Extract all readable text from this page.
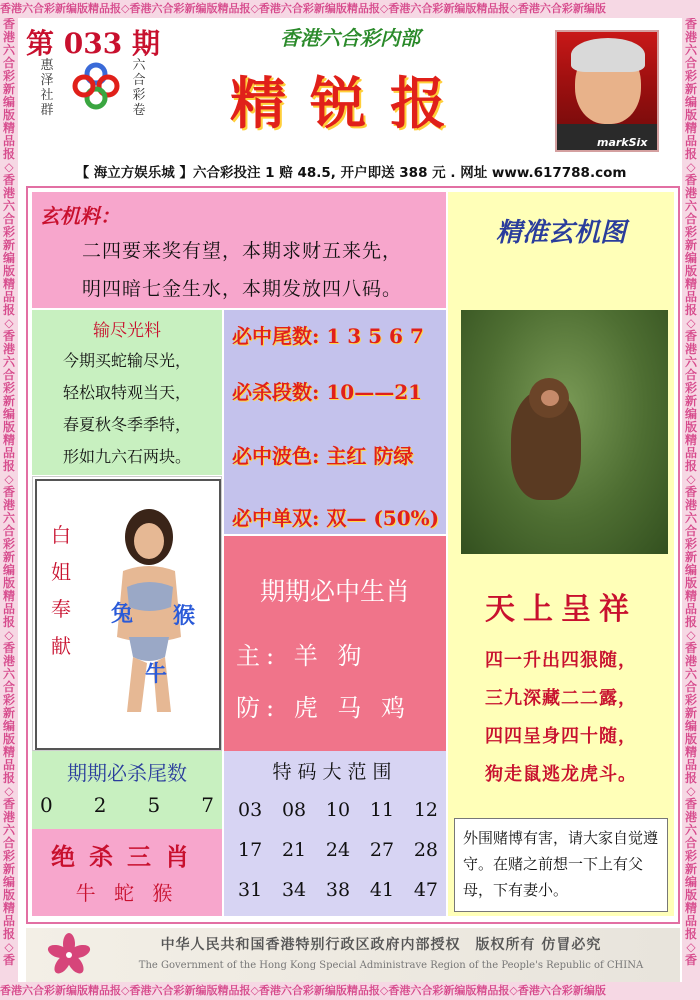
香港六合彩新编版精品报◇香港六合彩新编版精品报◇香港六合彩新编版精品报◇香港六合彩新编版精品报◇香港六合彩新编版
香港六合彩新编版精品报◇香港六合彩新编版精品报◇香港六合彩新编版精品报◇香港六合彩新编版精品报◇香港六合彩新编版
香港六合彩新编版精品报◇香港六合彩新编版精品报◇香港六合彩新编版精品报◇香港六合彩新编版精品报◇香港六合彩新编版精品报◇香港六合彩新编版精品报◇香
香港六合彩新编版精品报◇香港六合彩新编版精品报◇香港六合彩新编版精品报◇香港六合彩新编版精品报◇香港六合彩新编版精品报◇香港六合彩新编版精品报◇香
第 033 期
惠泽社群
六合彩卷
香港六合彩内部
精锐报
markSix
【 海立方娱乐城 】六合彩投注 1 赔 48.5, 开户即送 388 元 . 网址 www.617788.com
玄机料：
二四要来奖有望，本期求财五来先，
明四暗七金生水，本期发放四八码。
输尽光料
今期买蛇输尽光，
轻松取特观当天，
春夏秋冬季季特，
形如九六石两块。
必中尾数: 1 3 5 6 7
必杀段数: 10——21
必中波色: 主红 防绿
必中单双: 双— (50%)
白
姐
奉
献
兔 猴
牛
期期必中生肖
主: 羊 狗
防: 虎 马 鸡
期期必杀尾数
0 2 5 7
绝杀三肖
牛 蛇 猴
特码大范围
03 08 10 11 12
17 21 24 27 28
31 34 38 41 47
精准玄机图
天上呈祥
四一升出四狠随，
三九深藏二二露，
四四呈身四十随，
狗走鼠逃龙虎斗。
外围赌博有害，请大家自觉遵守。在赌之前想一下上有父母，下有妻小。
中华人民共和国香港特别行政区政府内部授权　版权所有 仿冒必究
The Government of the Hong Kong Special Administrave Region of the People's Republic of CHINA
